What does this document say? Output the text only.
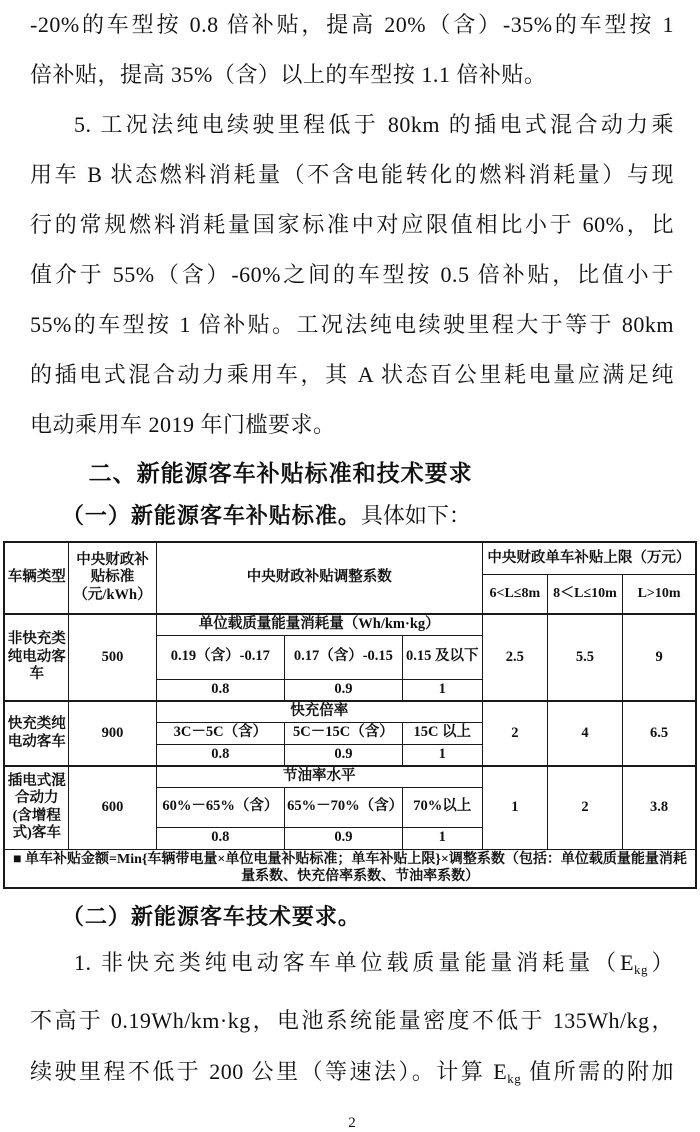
-20%的车型按 0.8 倍补贴，提高 20%（含）-35%的车型按 1
倍补贴，提高 35%（含）以上的车型按 1.1 倍补贴。
5. 工况法纯电续驶里程低于 80km 的插电式混合动力乘
用车 B 状态燃料消耗量（不含电能转化的燃料消耗量）与现
行的常规燃料消耗量国家标准中对应限值相比小于 60%，比
值介于 55%（含）-60%之间的车型按 0.5 倍补贴，比值小于
55%的车型按 1 倍补贴。工况法纯电续驶里程大于等于 80km
的插电式混合动力乘用车，其 A 状态百公里耗电量应满足纯
电动乘用车 2019 年门槛要求。
二、新能源客车补贴标准和技术要求
（一）新能源客车补贴标准。具体如下：
车辆类型	中央财政补贴标准（元/kWh）	中央财政补贴调整系数			中央财政单车补贴上限（万元）		
					6<L≤8m	8＜L≤10m	L>10m
非快充类纯电动客车	500	单位载质量能量消耗量（Wh/km·kg）			2.5	5.5	9
		0.19（含）-0.17	0.17（含）-0.15	0.15 及以下			
		0.8	0.9	1			
快充类纯电动客车	900	快充倍率			2	4	6.5
		3C－5C（含）	5C－15C（含）	15C 以上			
		0.8	0.9	1			
插电式混合动力(含增程式)客车	600	节油率水平			1	2	3.8
		60%－65%（含）	65%－70%（含）	70%以上			
		0.8	0.9	1			

■ 单车补贴金额=Min{车辆带电量×单位电量补贴标准；单车补贴上限}×调整系数（包括：单位载质量能量消耗量系数、快充倍率系数、节油率系数）							
（二）新能源客车技术要求。
1. 非快充类纯电动客车单位载质量能量消耗量$(E_{kg})$
不高于 0.19Wh/km·kg，电池系统能量密度不低于 135Wh/kg，
续驶里程不低于 200 公里（等速法）。计算 $E_{kg}$ 值所需的附加
2
